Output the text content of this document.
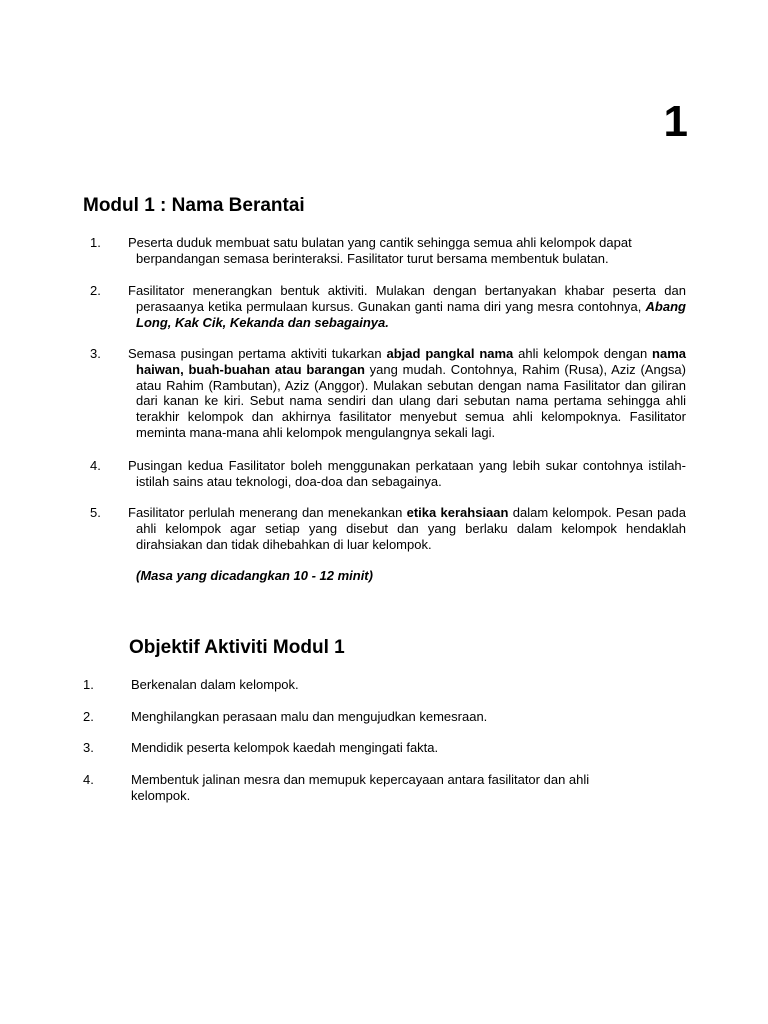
1
Modul 1 : Nama Berantai
1. Peserta duduk membuat satu bulatan yang cantik sehingga semua ahli kelompok dapat berpandangan semasa berinteraksi. Fasilitator turut bersama membentuk bulatan.
2. Fasilitator menerangkan bentuk aktiviti. Mulakan dengan bertanyakan khabar peserta dan perasaanya ketika permulaan kursus. Gunakan ganti nama diri yang mesra contohnya, Abang Long, Kak Cik, Kekanda dan sebagainya.
3. Semasa pusingan pertama aktiviti tukarkan abjad pangkal nama ahli kelompok dengan nama haiwan, buah-buahan atau barangan yang mudah. Contohnya, Rahim (Rusa), Aziz (Angsa) atau Rahim (Rambutan), Aziz (Anggor). Mulakan sebutan dengan nama Fasilitator dan giliran dari kanan ke kiri. Sebut nama sendiri dan ulang dari sebutan nama pertama sehingga ahli terakhir kelompok dan akhirnya fasilitator menyebut semua ahli kelompoknya. Fasilitator meminta mana-mana ahli kelompok mengulangnya sekali lagi.
4. Pusingan kedua Fasilitator boleh menggunakan perkataan yang lebih sukar contohnya istilah-istilah sains atau teknologi, doa-doa dan sebagainya.
5. Fasilitator perlulah menerang dan menekankan etika kerahsiaan dalam kelompok. Pesan pada ahli kelompok agar setiap yang disebut dan yang berlaku dalam kelompok hendaklah dirahsiakan dan tidak dihebahkan di luar kelompok.
(Masa yang dicadangkan 10 - 12 minit)
Objektif Aktiviti Modul 1
1.	Berkenalan dalam kelompok.
2.	Menghilangkan perasaan malu dan mengujudkan kemesraan.
3.	Mendidik peserta kelompok kaedah mengingati fakta.
4.	Membentuk jalinan mesra dan memupuk kepercayaan antara fasilitator dan ahli kelompok.
